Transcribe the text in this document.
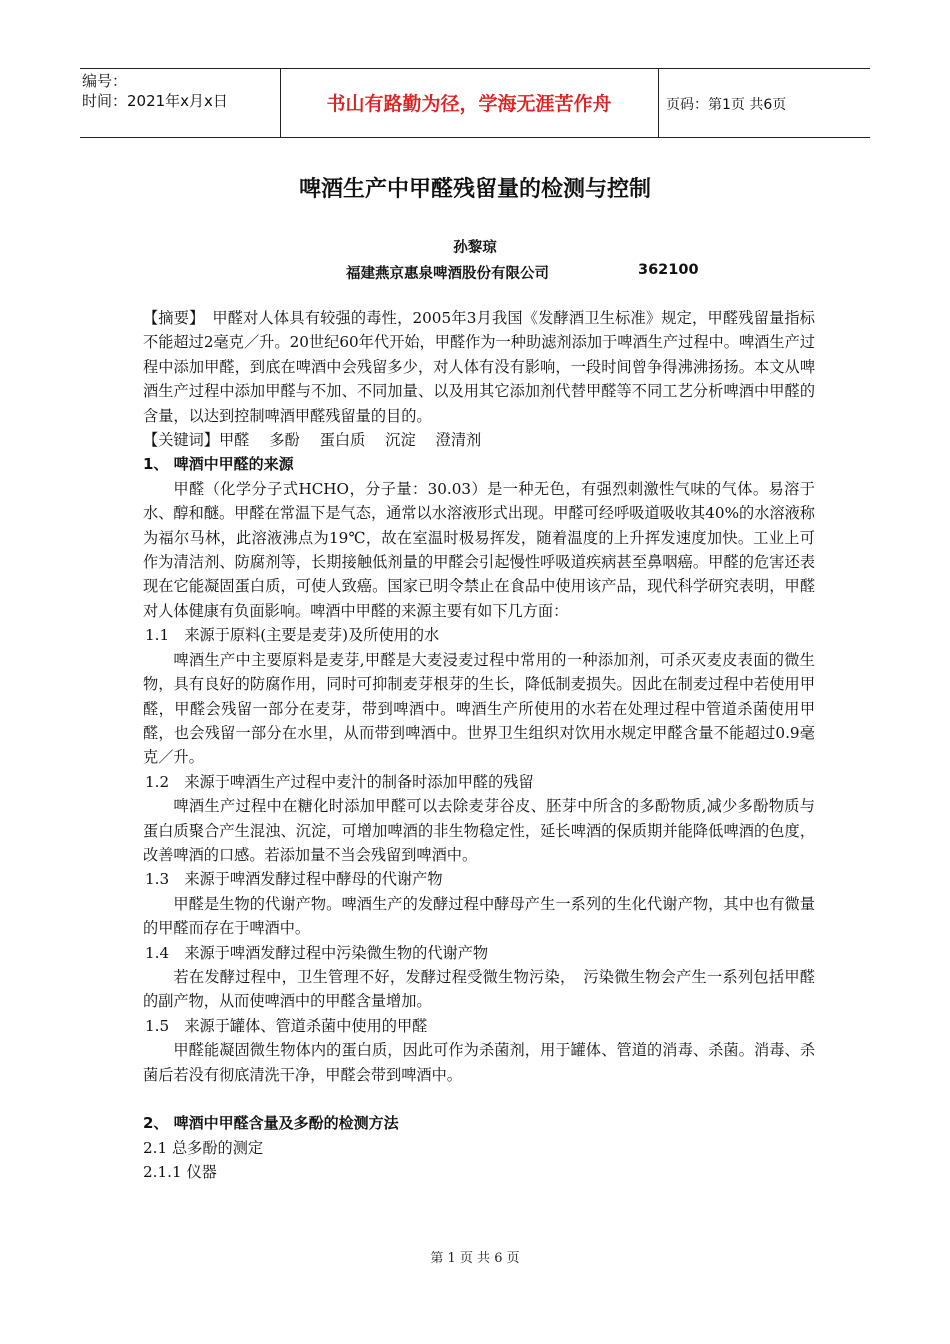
编号：
时间：2021年x月x日	书山有路勤为径，学海无涯苦作舟	页码：第1页 共6页
啤酒生产中甲醛残留量的检测与控制
孙黎琼
福建燕京惠泉啤酒股份有限公司	362100

【摘要】　甲醛对人体具有较强的毒性，2005年3月我国《发酵酒卫生标准》规定，甲醛残留量指标不能超过2毫克／升。20世纪60年代开始，甲醛作为一种助滤剂添加于啤酒生产过程中。啤酒生产过程中添加甲醛，到底在啤酒中会残留多少，对人体有没有影响，一段时间曾争得沸沸扬扬。本文从啤酒生产过程中添加甲醛与不加、不同加量、以及用其它添加剂代替甲醛等不同工艺分析啤酒中甲醛的含量，以达到控制啤酒甲醛残留量的目的。

【关键词】甲醛　 多酚　 蛋白质　 沉淀　 澄清剂

1、 啤酒中甲醛的来源

甲醛（化学分子式HCHO，分子量：30.03）是一种无色，有强烈刺激性气味的气体。易溶于水、醇和醚。甲醛在常温下是气态，通常以水溶液形式出现。甲醛可经呼吸道吸收其40%的水溶液称为福尔马林，此溶液沸点为19℃，故在室温时极易挥发，随着温度的上升挥发速度加快。工业上可作为清洁剂、防腐剂等，长期接触低剂量的甲醛会引起慢性呼吸道疾病甚至鼻咽癌。甲醛的危害还表现在它能凝固蛋白质，可使人致癌。国家已明令禁止在食品中使用该产品，现代科学研究表明，甲醛对人体健康有负面影响。啤酒中甲醛的来源主要有如下几方面：

1.1　来源于原料(主要是麦芽)及所使用的水

啤酒生产中主要原料是麦芽,甲醛是大麦浸麦过程中常用的一种添加剂，可杀灭麦皮表面的微生物，具有良好的防腐作用，同时可抑制麦芽根芽的生长，降低制麦损失。因此在制麦过程中若使用甲醛，甲醛会残留一部分在麦芽，带到啤酒中。啤酒生产所使用的水若在处理过程中管道杀菌使用甲醛，也会残留一部分在水里，从而带到啤酒中。世界卫生组织对饮用水规定甲醛含量不能超过0.9毫克／升。

1.2　来源于啤酒生产过程中麦汁的制备时添加甲醛的残留

啤酒生产过程中在糖化时添加甲醛可以去除麦芽谷皮、胚芽中所含的多酚物质,减少多酚物质与蛋白质聚合产生混浊、沉淀，可增加啤酒的非生物稳定性，延长啤酒的保质期并能降低啤酒的色度，改善啤酒的口感。若添加量不当会残留到啤酒中。

1.3　来源于啤酒发酵过程中酵母的代谢产物

甲醛是生物的代谢产物。啤酒生产的发酵过程中酵母产生一系列的生化代谢产物，其中也有微量的甲醛而存在于啤酒中。

1.4　来源于啤酒发酵过程中污染微生物的代谢产物

若在发酵过程中，卫生管理不好，发酵过程受微生物污染，　污染微生物会产生一系列包括甲醛的副产物，从而使啤酒中的甲醛含量增加。

1.5　来源于罐体、管道杀菌中使用的甲醛

甲醛能凝固微生物体内的蛋白质，因此可作为杀菌剂，用于罐体、管道的消毒、杀菌。消毒、杀菌后若没有彻底清洗干净，甲醛会带到啤酒中。

2、 啤酒中甲醛含量及多酚的检测方法

2.1 总多酚的测定

2.1.1 仪器

第 1 页 共 6 页
